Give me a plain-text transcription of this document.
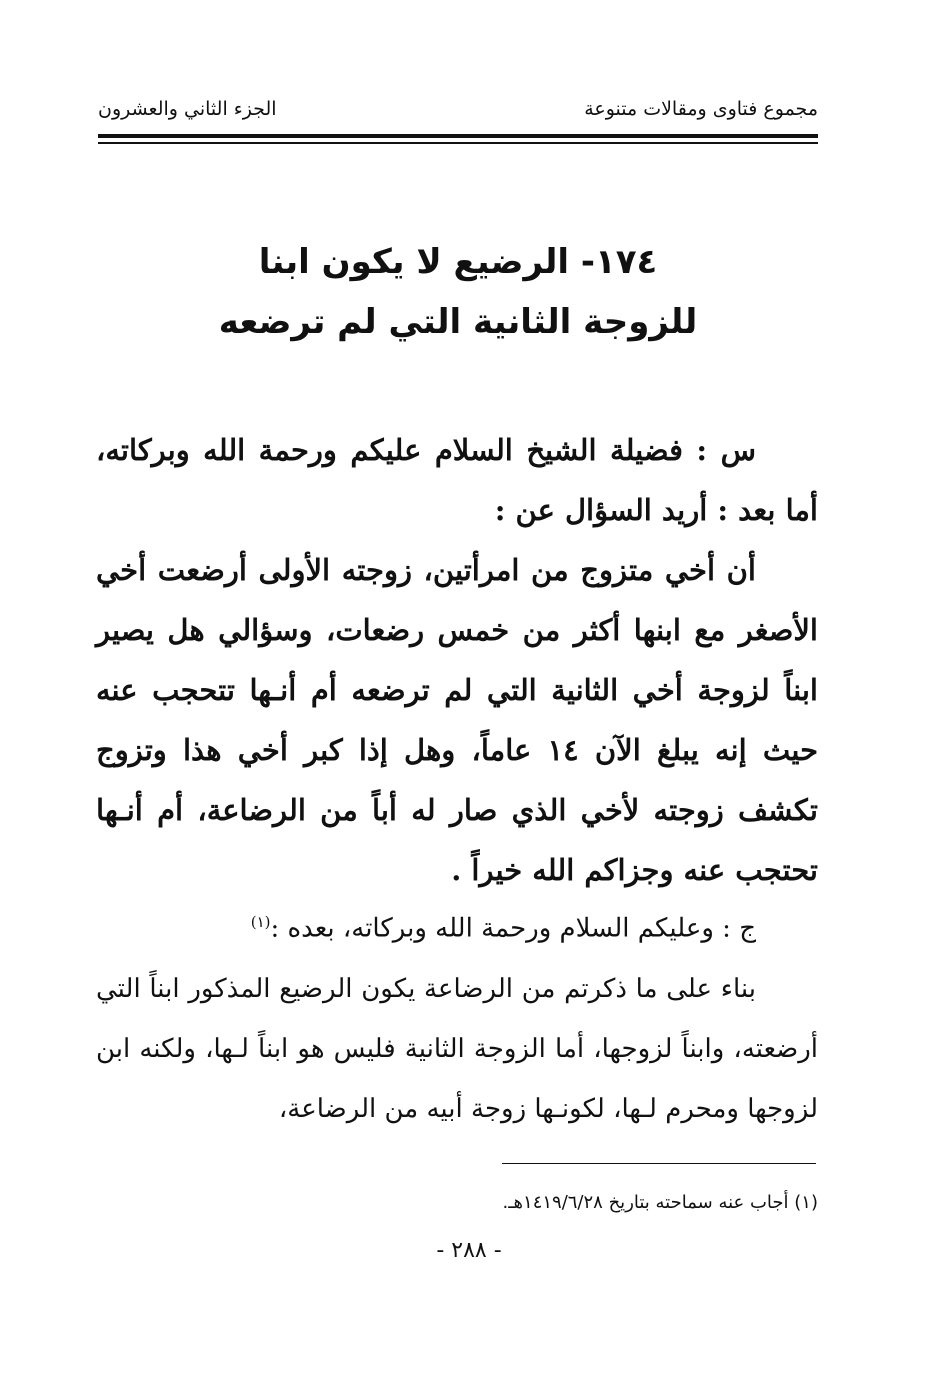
مجموع فتاوى ومقالات متنوعة
الجزء الثاني والعشرون
١٧٤- الرضيع لا يكون ابنا
للزوجة الثانية التي لم ترضعه

س : فضيلة الشيخ السلام عليكم ورحمة الله وبركاته، أما بعد : أريد السؤال عن :

أن أخي متزوج من امرأتين، زوجته الأولى أرضعت أخي الأصغر مع ابنها أكثر من خمس رضعات، وسؤالي هل يصير ابناً لزوجة أخي الثانية التي لم ترضعه أم أنـها تتحجب عنه حيث إنه يبلغ الآن ١٤ عاماً، وهل إذا كبر أخي هذا وتزوج تكشف زوجته لأخي الذي صار له أباً من الرضاعة، أم أنـها تحتجب عنه وجزاكم الله خيراً .

ج : وعليكم السلام ورحمة الله وبركاته، بعده :$^{(١)}$

بناء على ما ذكرتم من الرضاعة يكون الرضيع المذكور ابناً التي أرضعته، وابناً لزوجها، أما الزوجة الثانية فليس هو ابناً لـها، ولكنه ابن لزوجها ومحرم لـها، لكونـها زوجة أبيه من الرضاعة،

(١) أجاب عنه سماحته بتاريخ ١٤١٩/٦/٢٨هـ.
- ٢٨٨ -
